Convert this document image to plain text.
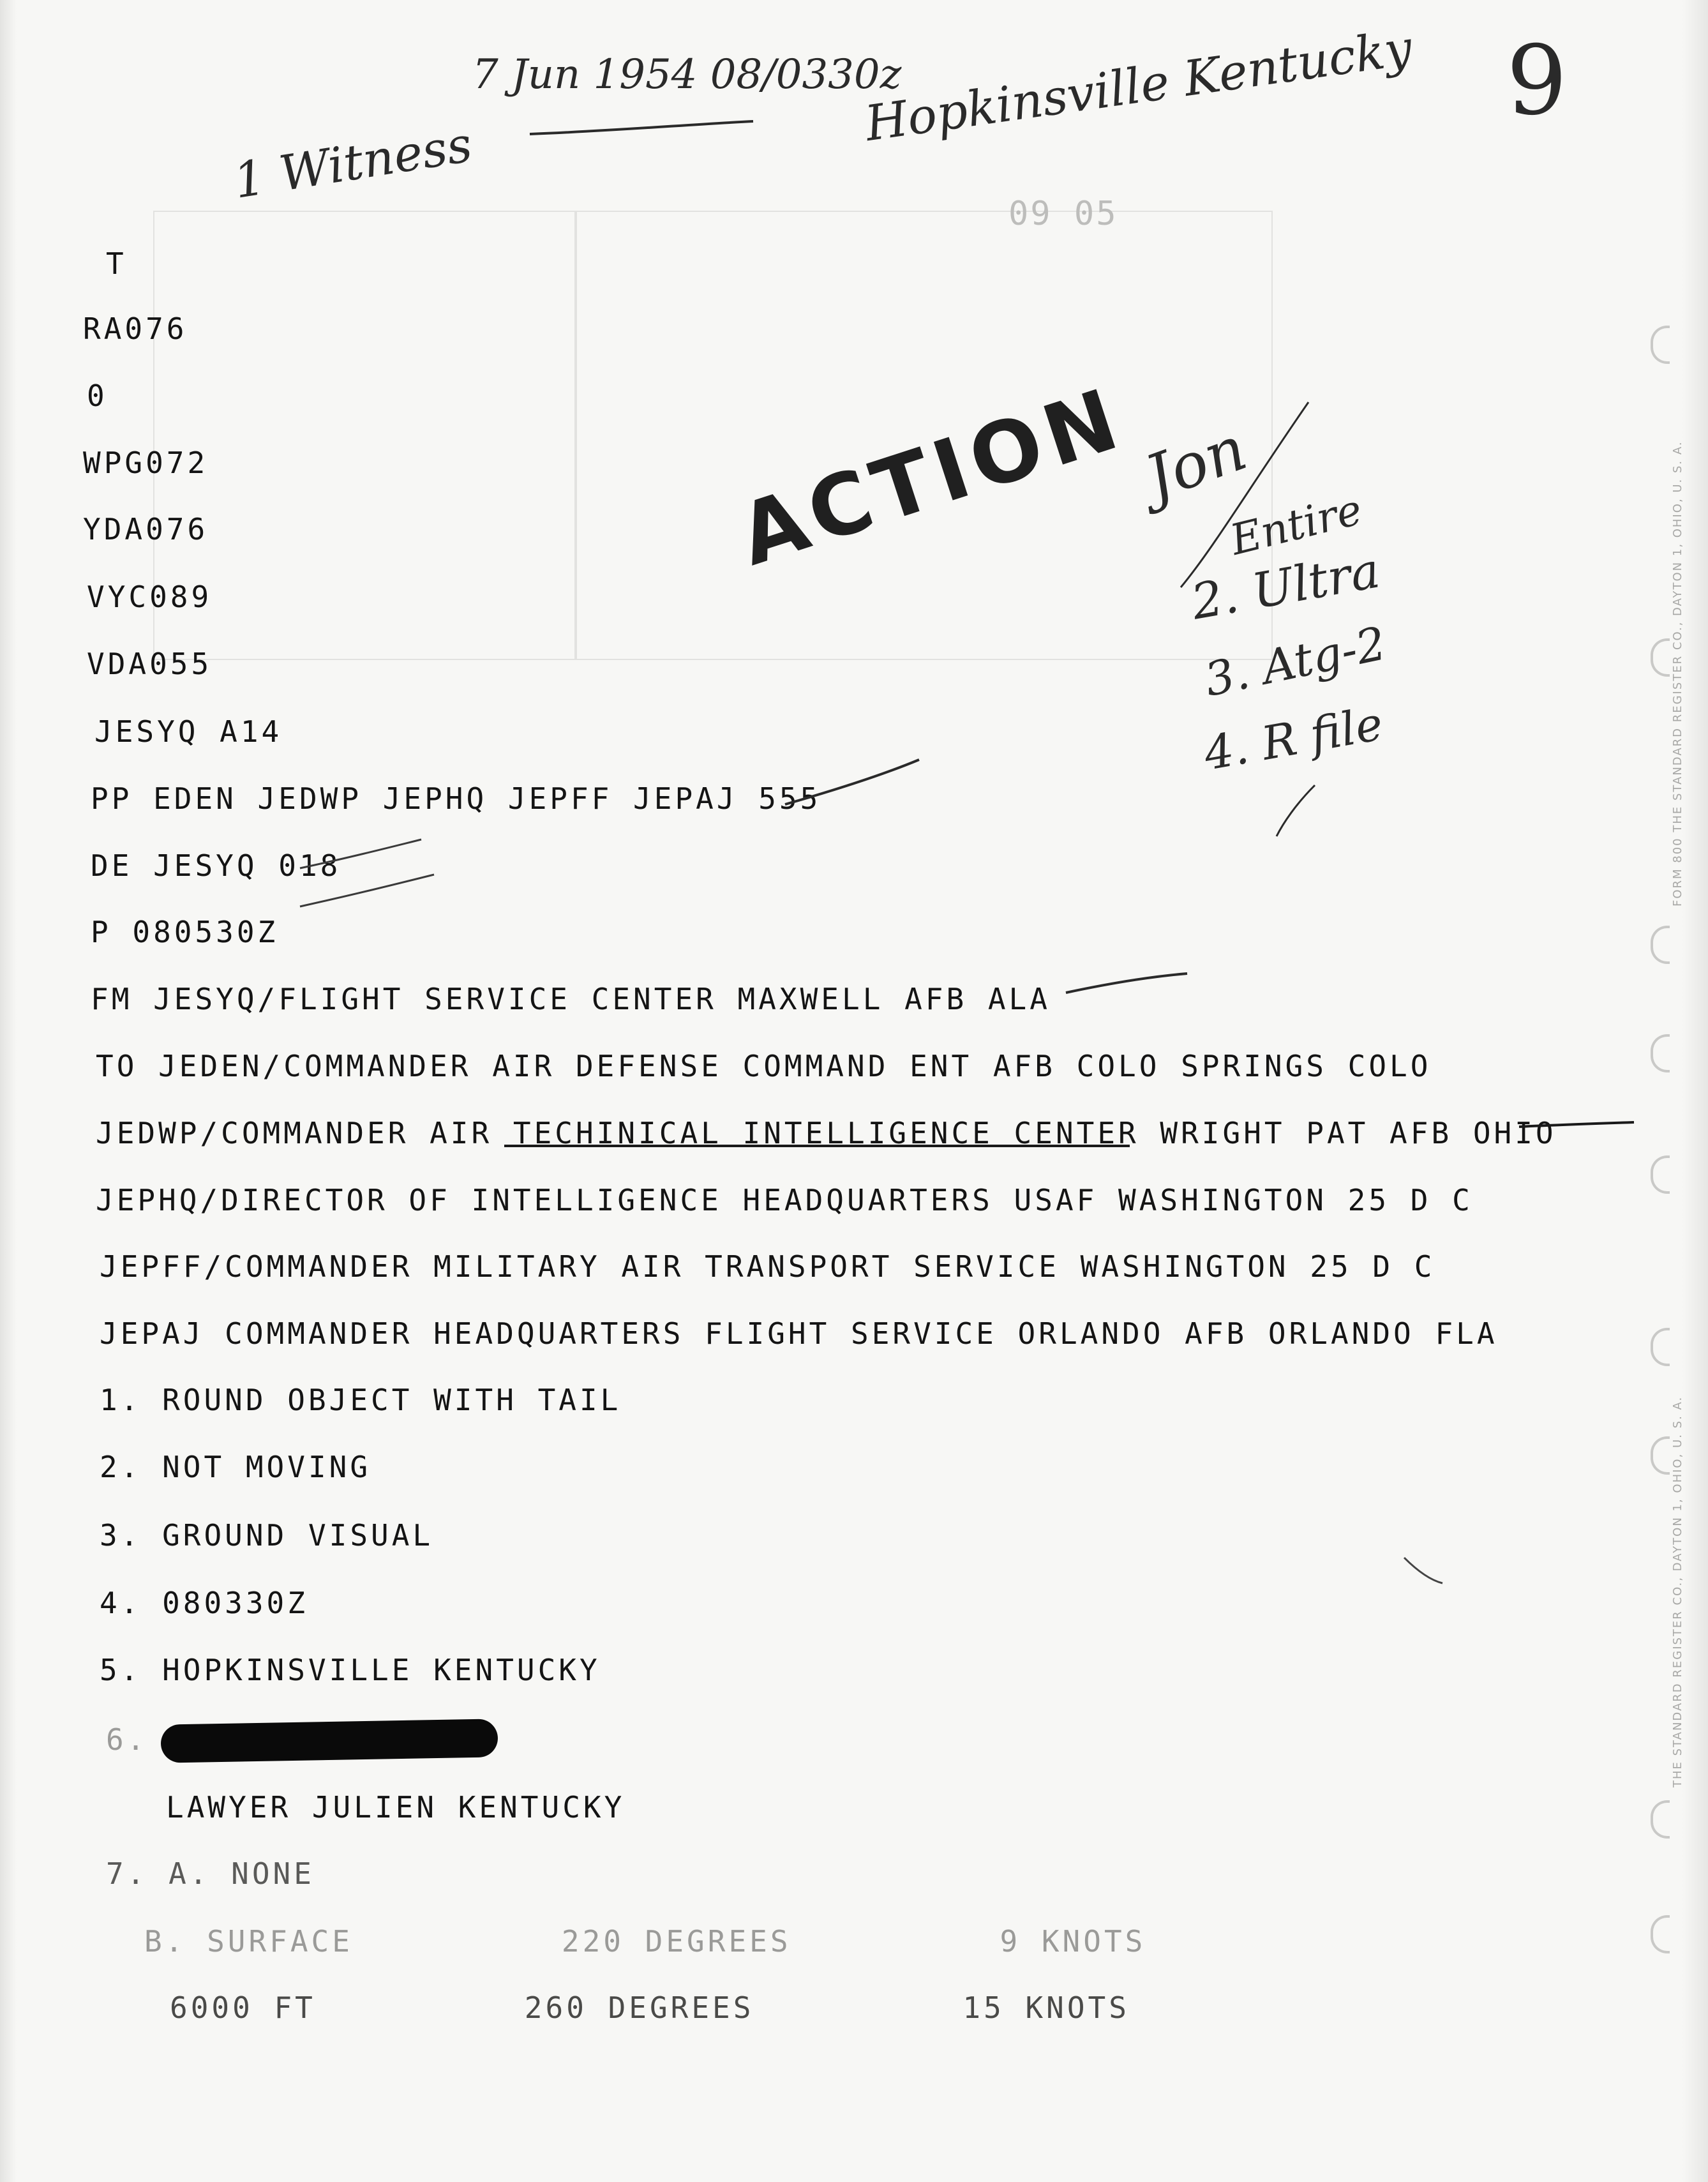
09 05
7 Jun 1954 08/0330z
Hopkinsville Kentucky 9
1 Witness
Jon
Entire
2. Ultra
3. Atg-2
4. R file
ACTION
T
RA076
0
WPG072
YDA076
VYC089
VDA055
JESYQ A14
PP EDEN JEDWP JEPHQ JEPFF JEPAJ 555
DE JESYQ 018
P 080530Z
FM JESYQ/FLIGHT SERVICE CENTER MAXWELL AFB ALA
TO JEDEN/COMMANDER AIR DEFENSE COMMAND ENT AFB COLO SPRINGS COLO
JEDWP/COMMANDER AIR TECHINICAL INTELLIGENCE CENTER WRIGHT PAT AFB OHIO
JEPHQ/DIRECTOR OF INTELLIGENCE HEADQUARTERS USAF WASHINGTON 25 D C
JEPFF/COMMANDER MILITARY AIR TRANSPORT SERVICE WASHINGTON 25 D C
JEPAJ COMMANDER HEADQUARTERS FLIGHT SERVICE ORLANDO AFB ORLANDO FLA
1. ROUND OBJECT WITH TAIL
2. NOT MOVING
3. GROUND VISUAL
4. 080330Z
5. HOPKINSVILLE KENTUCKY
6.
LAWYER JULIEN KENTUCKY
7. A. NONE
B. SURFACE          220 DEGREES          9 KNOTS
6000 FT          260 DEGREES          15 KNOTS
FORM 800 THE STANDARD REGISTER CO., DAYTON 1, OHIO, U. S. A.
THE STANDARD REGISTER CO., DAYTON 1, OHIO, U. S. A.
